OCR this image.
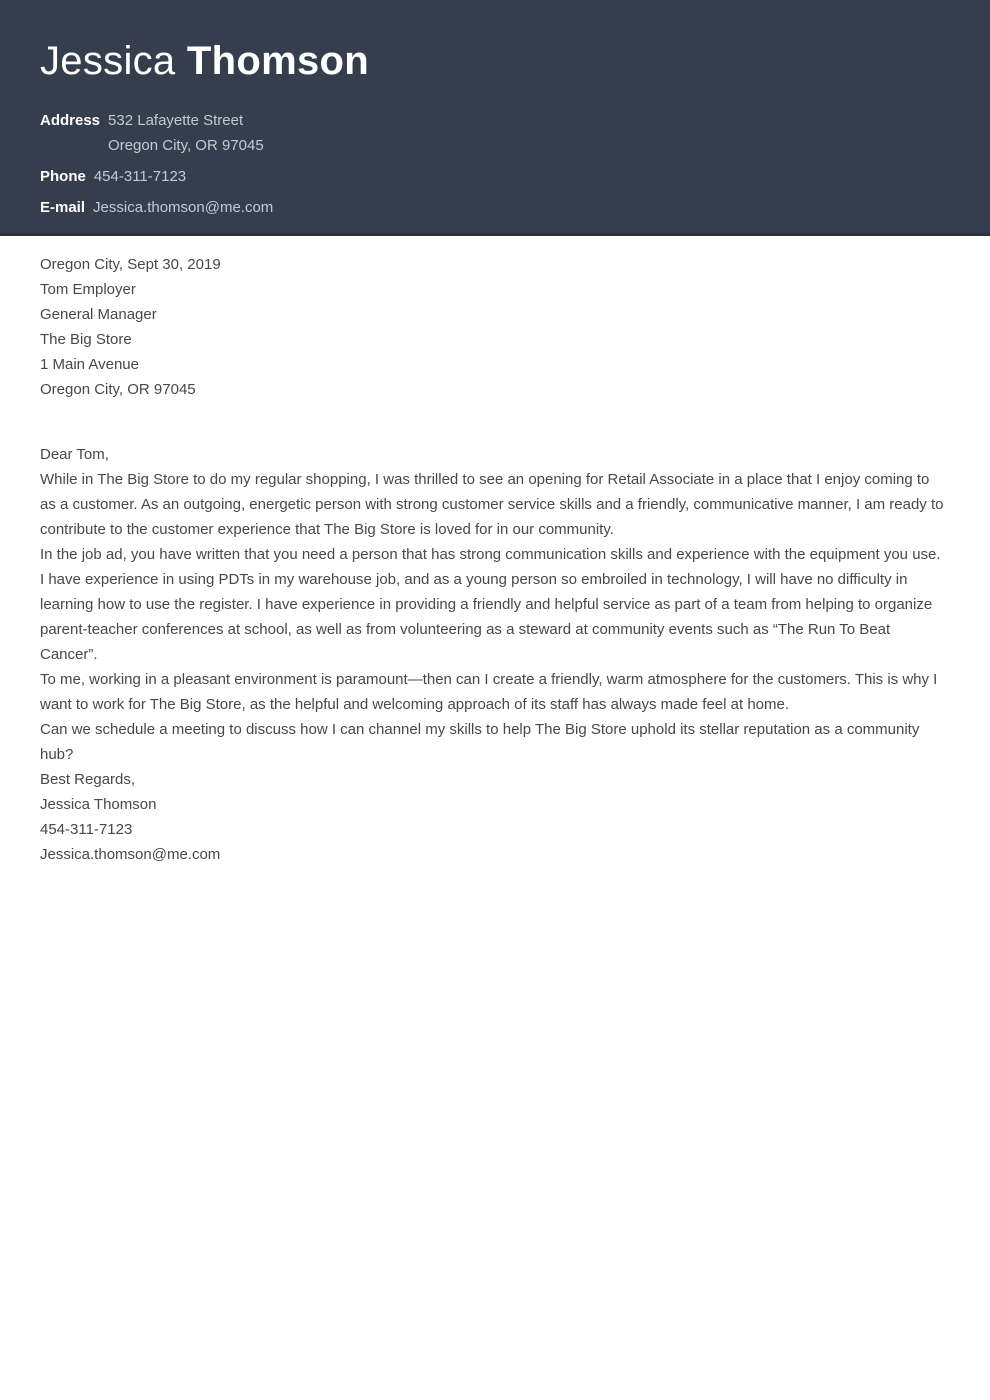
Jessica Thomson
Address 532 Lafayette Street
Oregon City, OR 97045
Phone 454-311-7123
E-mail Jessica.thomson@me.com

Oregon City, Sept 30, 2019

Tom Employer
General Manager
The Big Store
1 Main Avenue
Oregon City, OR 97045

Dear Tom,

While in The Big Store to do my regular shopping, I was thrilled to see an opening for Retail Associate in a place that I enjoy coming to as a customer. As an outgoing, energetic person with strong customer service skills and a friendly, communicative manner, I am ready to contribute to the customer experience that The Big Store is loved for in our community.

In the job ad, you have written that you need a person that has strong communication skills and experience with the equipment you use. I have experience in using PDTs in my warehouse job, and as a young person so embroiled in technology, I will have no difficulty in learning how to use the register. I have experience in providing a friendly and helpful service as part of a team from helping to organize parent-teacher conferences at school, as well as from volunteering as a steward at community events such as “The Run To Beat Cancer”.

To me, working in a pleasant environment is paramount—then can I create a friendly, warm atmosphere for the customers. This is why I want to work for The Big Store, as the helpful and welcoming approach of its staff has always made feel at home.

Can we schedule a meeting to discuss how I can channel my skills to help The Big Store uphold its stellar reputation as a community hub?

Best Regards,

Jessica Thomson
454-311-7123
Jessica.thomson@me.com
